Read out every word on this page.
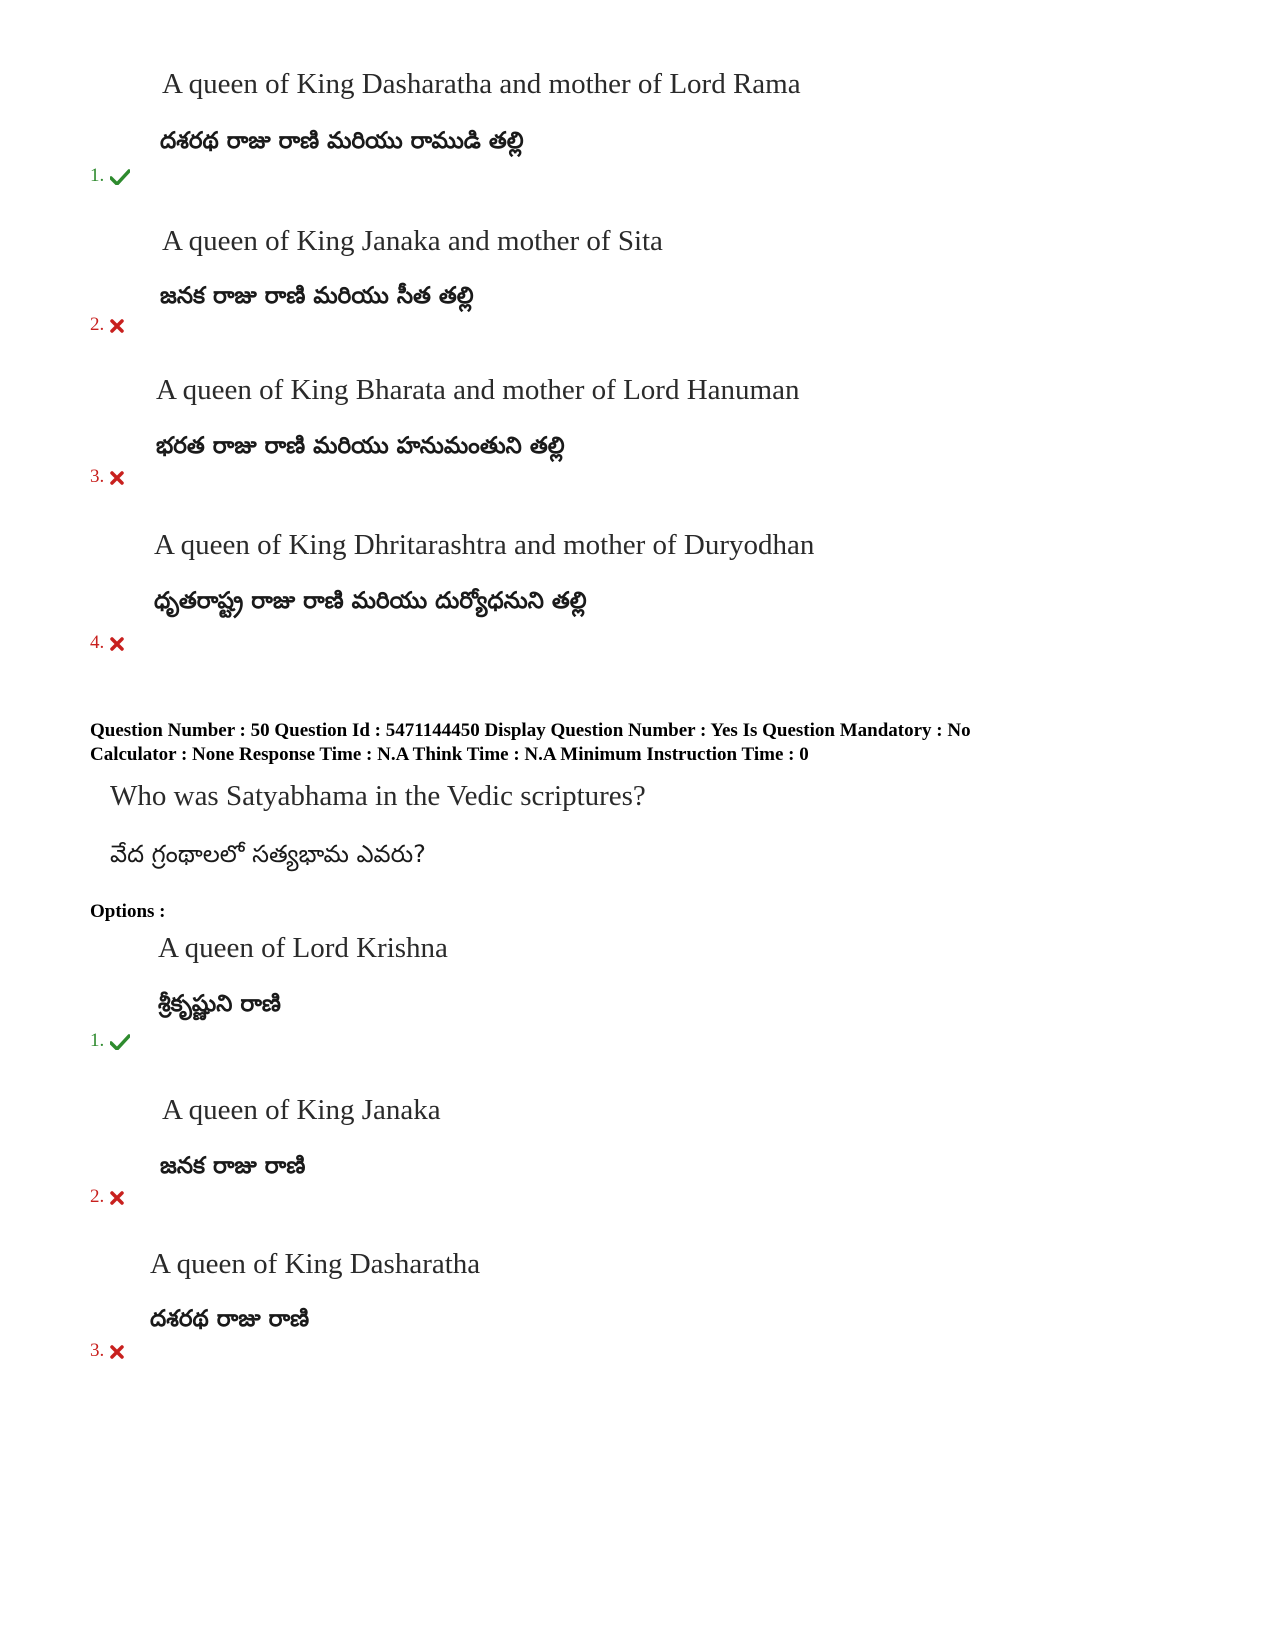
A queen of King Dasharatha and mother of Lord Rama
దశరథ రాజు రాణి మరియు రాముడి తల్లి
1.
A queen of King Janaka and mother of Sita
జనక రాజు రాణి మరియు సీత తల్లి
2.
A queen of King Bharata and mother of Lord Hanuman
భరత రాజు రాణి మరియు హనుమంతుని తల్లి
3.
A queen of King Dhritarashtra and mother of Duryodhan
ధృతరాష్ట్ర రాజు రాణి మరియు దుర్యోధనుని తల్లి
4.
Question Number : 50 Question Id : 5471144450 Display Question Number : Yes Is Question Mandatory : No
Calculator : None Response Time : N.A Think Time : N.A Minimum Instruction Time : 0
Who was Satyabhama in the Vedic scriptures?
వేద గ్రంథాలలో సత్యభామ ఎవరు?
Options :
A queen of Lord Krishna
శ్రీకృష్ణుని రాణి
1.
A queen of King Janaka
జనక రాజు రాణి
2.
A queen of King Dasharatha
దశరథ రాజు రాణి
3.
